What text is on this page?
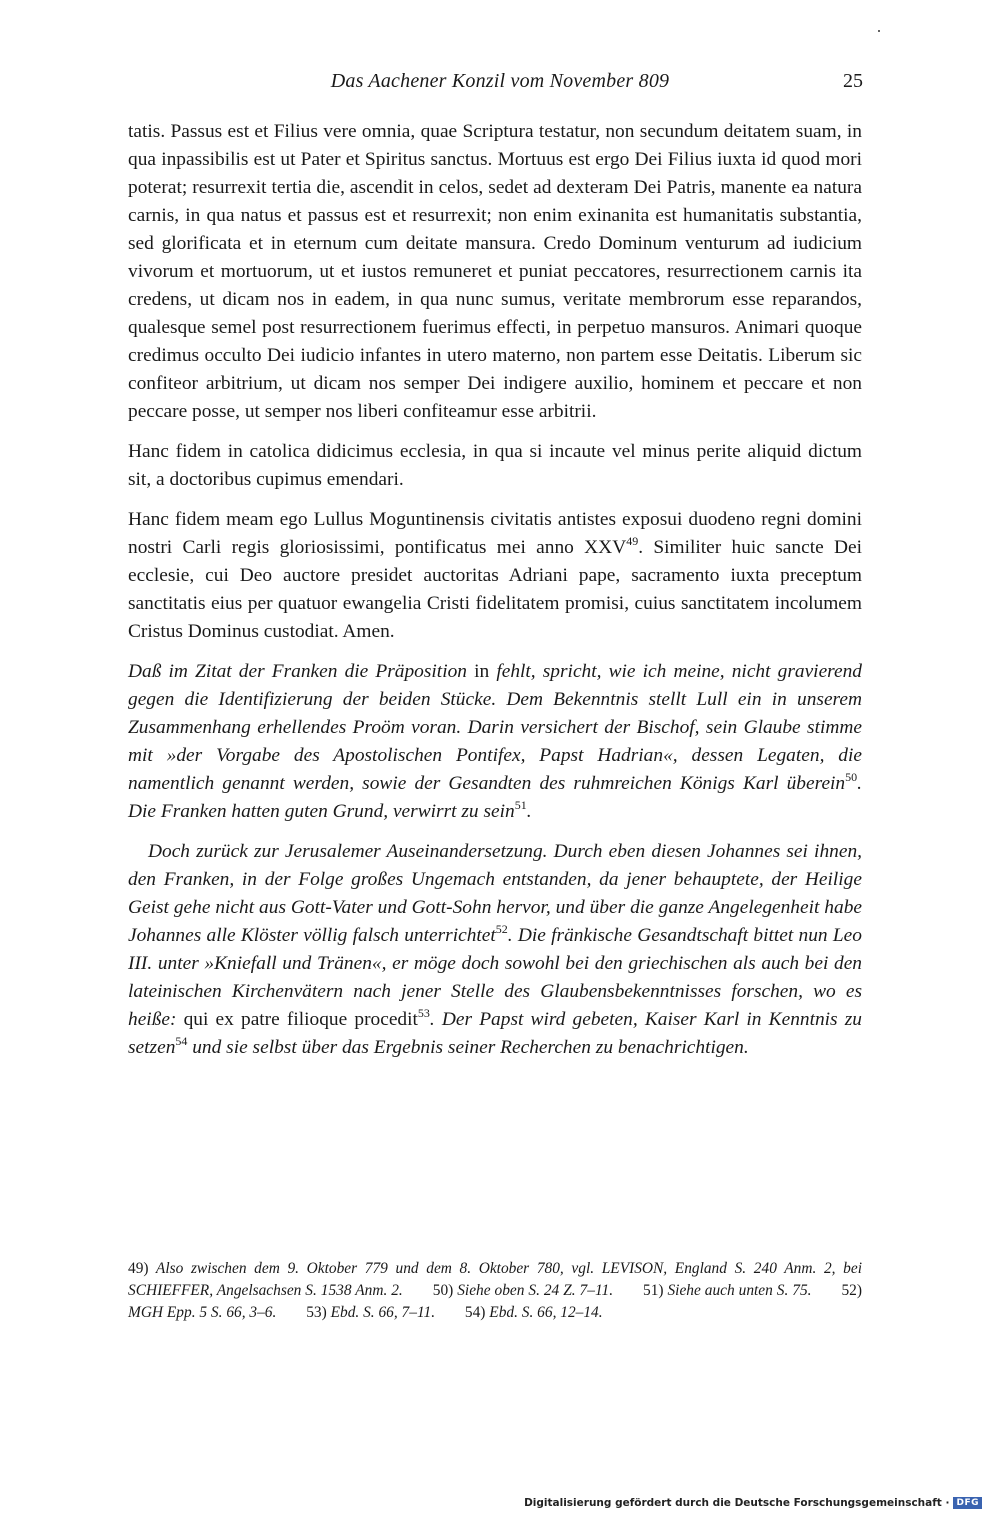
Das Aachener Konzil vom November 809	25

tatis. Passus est et Filius vere omnia, quae Scriptura testatur, non secundum deitatem suam, in qua inpassibilis est ut Pater et Spiritus sanctus. Mortuus est ergo Dei Filius iuxta id quod mori poterat; resurrexit tertia die, ascendit in celos, sedet ad dexteram Dei Patris, manente ea natura carnis, in qua natus et passus est et resurrexit; non enim exinanita est humanitatis substantia, sed glorificata et in eternum cum deitate mansura. Credo Dominum venturum ad iudicium vivorum et mortuorum, ut et iustos remuneret et puniat peccatores, resurrectionem carnis ita credens, ut dicam nos in eadem, in qua nunc sumus, veritate membrorum esse reparandos, qualesque semel post resurrectionem fuerimus effecti, in perpetuo mansuros. Animari quoque credimus occulto Dei iudicio infantes in utero materno, non partem esse Deitatis. Liberum sic confiteor arbitrium, ut dicam nos semper Dei indigere auxilio, hominem et peccare et non peccare posse, ut semper nos liberi confiteamur esse arbitrii.

Hanc fidem in catolica didicimus ecclesia, in qua si incaute vel minus perite aliquid dictum sit, a doctoribus cupimus emendari.

Hanc fidem meam ego Lullus Moguntinensis civitatis antistes exposui duodeno regni domini nostri Carli regis gloriosissimi, pontificatus mei anno XXV$^{49}$. Similiter huic sancte Dei ecclesie, cui Deo auctore presidet auctoritas Adriani pape, sacramento iuxta preceptum sanctitatis eius per quatuor ewangelia Cristi fidelitatem promisi, cuius sanctitatem incolumem Cristus Dominus custodiat. Amen.

Daß im Zitat der Franken die Präposition in fehlt, spricht, wie ich meine, nicht gravierend gegen die Identifizierung der beiden Stücke. Dem Bekenntnis stellt Lull ein in unserem Zusammenhang erhellendes Proöm voran. Darin versichert der Bischof, sein Glaube stimme mit »der Vorgabe des Apostolischen Pontifex, Papst Hadrian«, dessen Legaten, die namentlich genannt werden, sowie der Gesandten des ruhmreichen Königs Karl überein$^{50}$. Die Franken hatten guten Grund, verwirrt zu sein$^{51}$.

Doch zurück zur Jerusalemer Auseinandersetzung. Durch eben diesen Johannes sei ihnen, den Franken, in der Folge großes Ungemach entstanden, da jener behauptete, der Heilige Geist gehe nicht aus Gott-Vater und Gott-Sohn hervor, und über die ganze Angelegenheit habe Johannes alle Klöster völlig falsch unterrichtet$^{52}$. Die fränkische Gesandtschaft bittet nun Leo III. unter »Kniefall und Tränen«, er möge doch sowohl bei den griechischen als auch bei den lateinischen Kirchenvätern nach jener Stelle des Glaubensbekenntnisses forschen, wo es heiße: qui ex patre filioque procedit$^{53}$. Der Papst wird gebeten, Kaiser Karl in Kenntnis zu setzen$^{54}$ und sie selbst über das Ergebnis seiner Recherchen zu benachrichtigen.

49) Also zwischen dem 9. Oktober 779 und dem 8. Oktober 780, vgl. LEVISON, England S. 240 Anm. 2, bei SCHIEFFER, Angelsachsen S. 1538 Anm. 2. 50) Siehe oben S. 24 Z. 7–11. 51) Siehe auch unten S. 75. 52) MGH Epp. 5 S. 66, 3–6. 53) Ebd. S. 66, 7–11. 54) Ebd. S. 66, 12–14.
Digitalisierung gefördert durch die Deutsche Forschungsgemeinschaft · DFG
